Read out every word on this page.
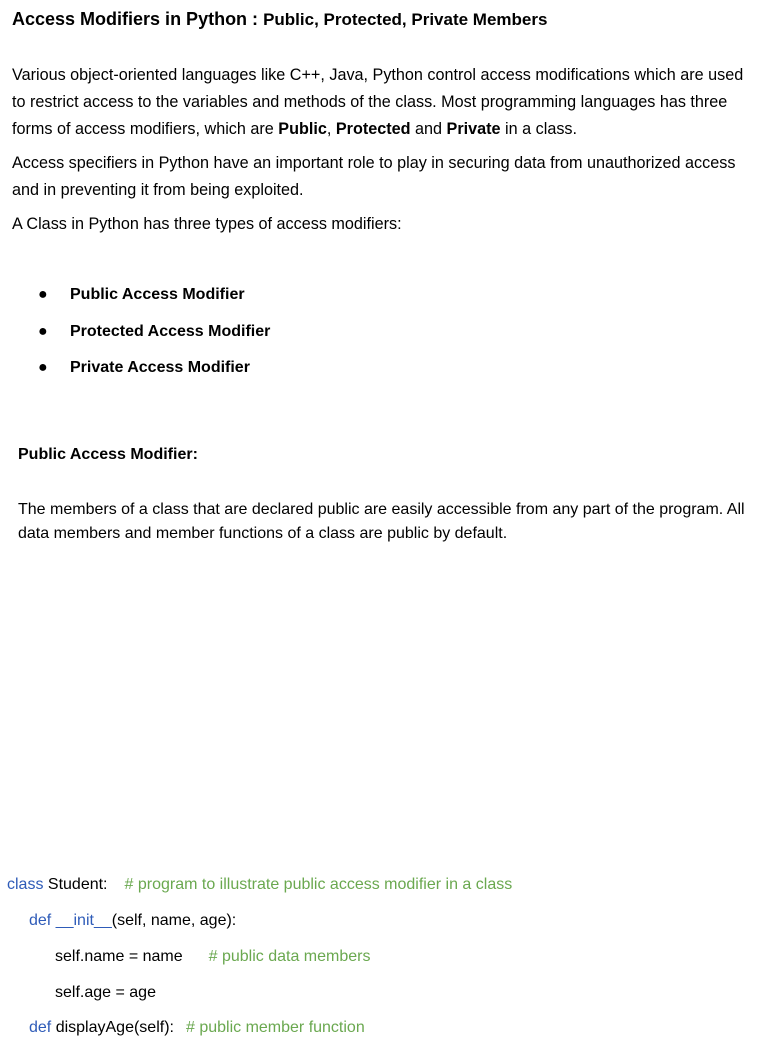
Access Modifiers in Python : Public, Protected, Private Members

Various object-oriented languages like C++, Java, Python control access modifications which are used to restrict access to the variables and methods of the class. Most programming languages has three forms of access modifiers, which are Public, Protected and Private in a class.

Access specifiers in Python have an important role to play in securing data from unauthorized access and in preventing it from being exploited.

A Class in Python has three types of access modifiers:

● Public Access Modifier
● Protected Access Modifier
● Private Access Modifier
Public Access Modifier:

The members of a class that are declared public are easily accessible from any part of the program. All data members and member functions of a class are public by default.

class Student: # program to illustrate public access modifier in a class
def __init__(self, name, age):
self.name = name # public data members
self.age = age
def displayAge(self): # public member function
